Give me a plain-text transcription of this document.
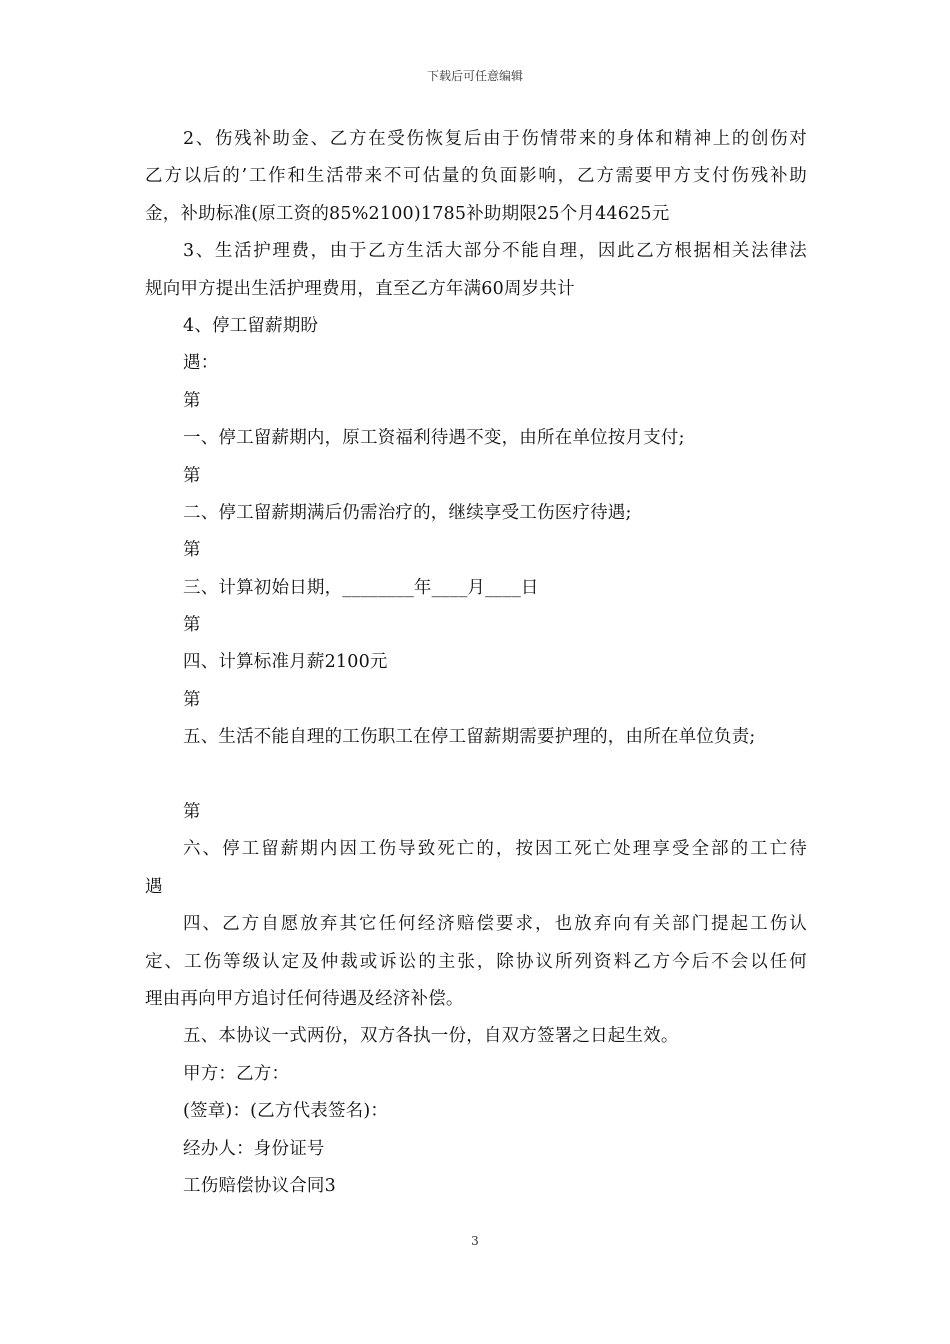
下载后可任意编辑
2、伤残补助金、乙方在受伤恢复后由于伤情带来的身体和精神上的创伤对
乙方以后的’工作和生活带来不可估量的负面影响，乙方需要甲方支付伤残补助
金，补助标准(原工资的85%2100)1785补助期限25个月44625元
3、生活护理费，由于乙方生活大部分不能自理，因此乙方根据相关法律法
规向甲方提出生活护理费用，直至乙方年满60周岁共计
4、停工留薪期盼
遇：
第
一、停工留薪期内，原工资福利待遇不变，由所在单位按月支付;
第
二、停工留薪期满后仍需治疗的，继续享受工伤医疗待遇;
第
三、计算初始日期，________年____月____日
第
四、计算标准月薪2100元
第
五、生活不能自理的工伤职工在停工留薪期需要护理的，由所在单位负责;
第
六、停工留薪期内因工伤导致死亡的，按因工死亡处理享受全部的工亡待
遇
四、乙方自愿放弃其它任何经济赔偿要求，也放弃向有关部门提起工伤认
定、工伤等级认定及仲裁或诉讼的主张，除协议所列资料乙方今后不会以任何
理由再向甲方追讨任何待遇及经济补偿。
五、本协议一式两份，双方各执一份，自双方签署之日起生效。
甲方：乙方：
(签章)：(乙方代表签名)：
经办人：身份证号
工伤赔偿协议合同3
3
